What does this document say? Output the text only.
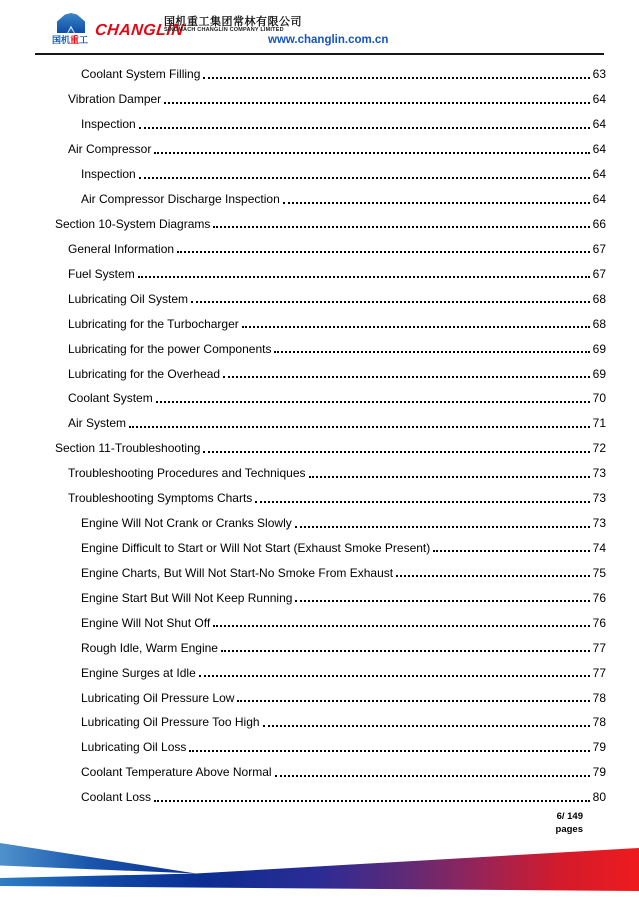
国机重工
CHANGLIN
国机重工集团常林有限公司
SINOMACH CHANGLIN COMPANY LIMITED
www.changlin.com.cn
Coolant System Filling	63
Vibration Damper	64
Inspection	64
Air Compressor	64
Inspection	64
Air Compressor Discharge Inspection	64
Section 10-System Diagrams	66
General Information	67
Fuel System	67
Lubricating Oil System	68
Lubricating for the Turbocharger	68
Lubricating for the power Components	69
Lubricating for the Overhead	69
Coolant System	70
Air System	71
Section 11-Troubleshooting	72
Troubleshooting Procedures and Techniques	73
Troubleshooting Symptoms Charts	73
Engine Will Not Crank or Cranks Slowly	73
Engine Difficult to Start or Will Not Start (Exhaust Smoke Present)	74
Engine Charts, But Will Not Start-No Smoke From Exhaust	75
Engine Start But Will Not Keep Running	76
Engine Will Not Shut Off	76
Rough Idle, Warm Engine	77
Engine Surges at Idle	77
Lubricating Oil Pressure Low	78
Lubricating Oil Pressure Too High	78
Lubricating Oil Loss	79
Coolant Temperature Above Normal	79
Coolant Loss	80
6/ 149
pages
